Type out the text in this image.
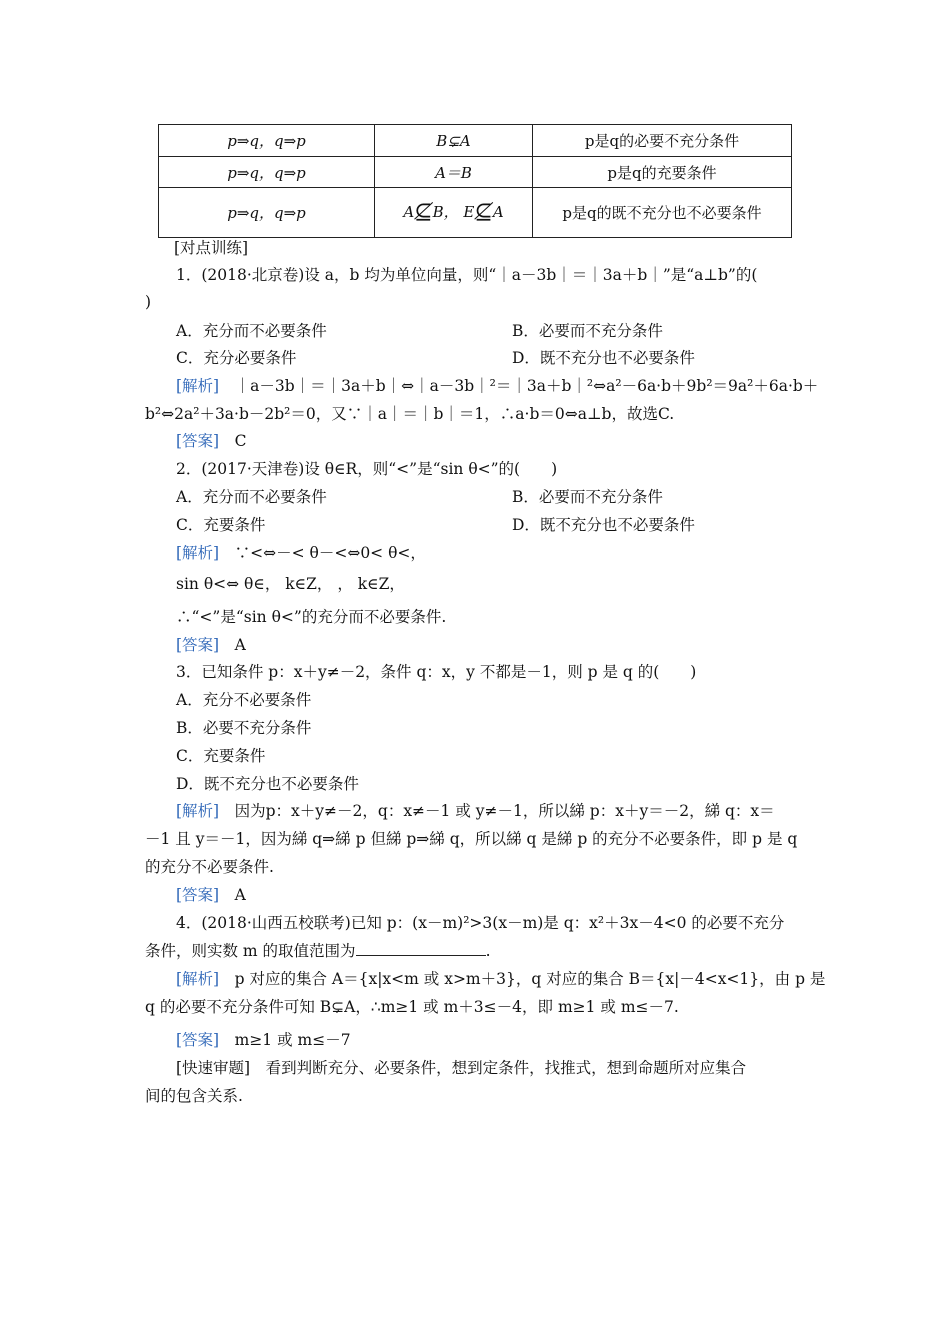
p⇒q，q⇒p	B⊊A	p是q的必要不充分条件
p⇒q，q⇒p	A＝B	p是q的充要条件
p⇒q，q⇒p	A⊈B， E⊈A	p是q的既不充分也不必要条件
[对点训练]
1．(2018·北京卷)设 a，b 均为单位向量，则“｜a－3b｜＝｜3a＋b｜”是“a⊥b”的(
)
A．充分而不必要条件	B．必要而不充分条件
C．充分必要条件	D．既不充分也不必要条件
[解析]　 ｜a－3b｜＝｜3a＋b｜⇔｜a－3b｜²＝｜3a＋b｜²⇔a²－6a·b＋9b²＝9a²＋6a·b＋
b²⇔2a²＋3a·b－2b²＝0，又∵｜a｜＝｜b｜＝1，∴a·b＝0⇔a⊥b，故选C.
[答案]　 C
2．(2017·天津卷)设 θ∈R，则“<”是“sin θ<”的(　　)
A．充分而不必要条件	B．必要而不充分条件
C．充要条件	D．既不充分也不必要条件
[解析]　 ∵<⇔－< θ－<⇔0< θ<，
sin θ<⇔ θ∈， k∈Z， ， k∈Z，
∴“<”是“sin θ<”的充分而不必要条件.
[答案]　 A
3．已知条件 p：x＋y≠－2，条件 q：x，y 不都是－1，则 p 是 q 的(　　)
A．充分不必要条件
B．必要不充分条件
C．充要条件
D．既不充分也不必要条件
[解析]　 因为p：x＋y≠－2，q：x≠－1 或 y≠－1，所以綈 p：x＋y＝－2，綈 q：x＝
－1 且 y＝－1，因为綈 q⇒綈 p 但綈 p⇒綈 q，所以綈 q 是綈 p 的充分不必要条件，即 p 是 q
的充分不必要条件.
[答案]　 A
4．(2018·山西五校联考)已知 p：(x－m)²>3(x－m)是 q：x²＋3x－4<0 的必要不充分
条件，则实数 m 的取值范围为	.
[解析]　 p 对应的集合 A＝{x|x<m 或 x>m＋3}，q 对应的集合 B＝{x|－4<x<1}，由 p 是
q 的必要不充分条件可知 B⊊A，∴m≥1 或 m＋3≤－4，即 m≥1 或 m≤－7.
[答案]　 m≥1 或 m≤－7
[快速审题]　看到判断充分、必要条件，想到定条件，找推式，想到命题所对应集合
间的包含关系.
